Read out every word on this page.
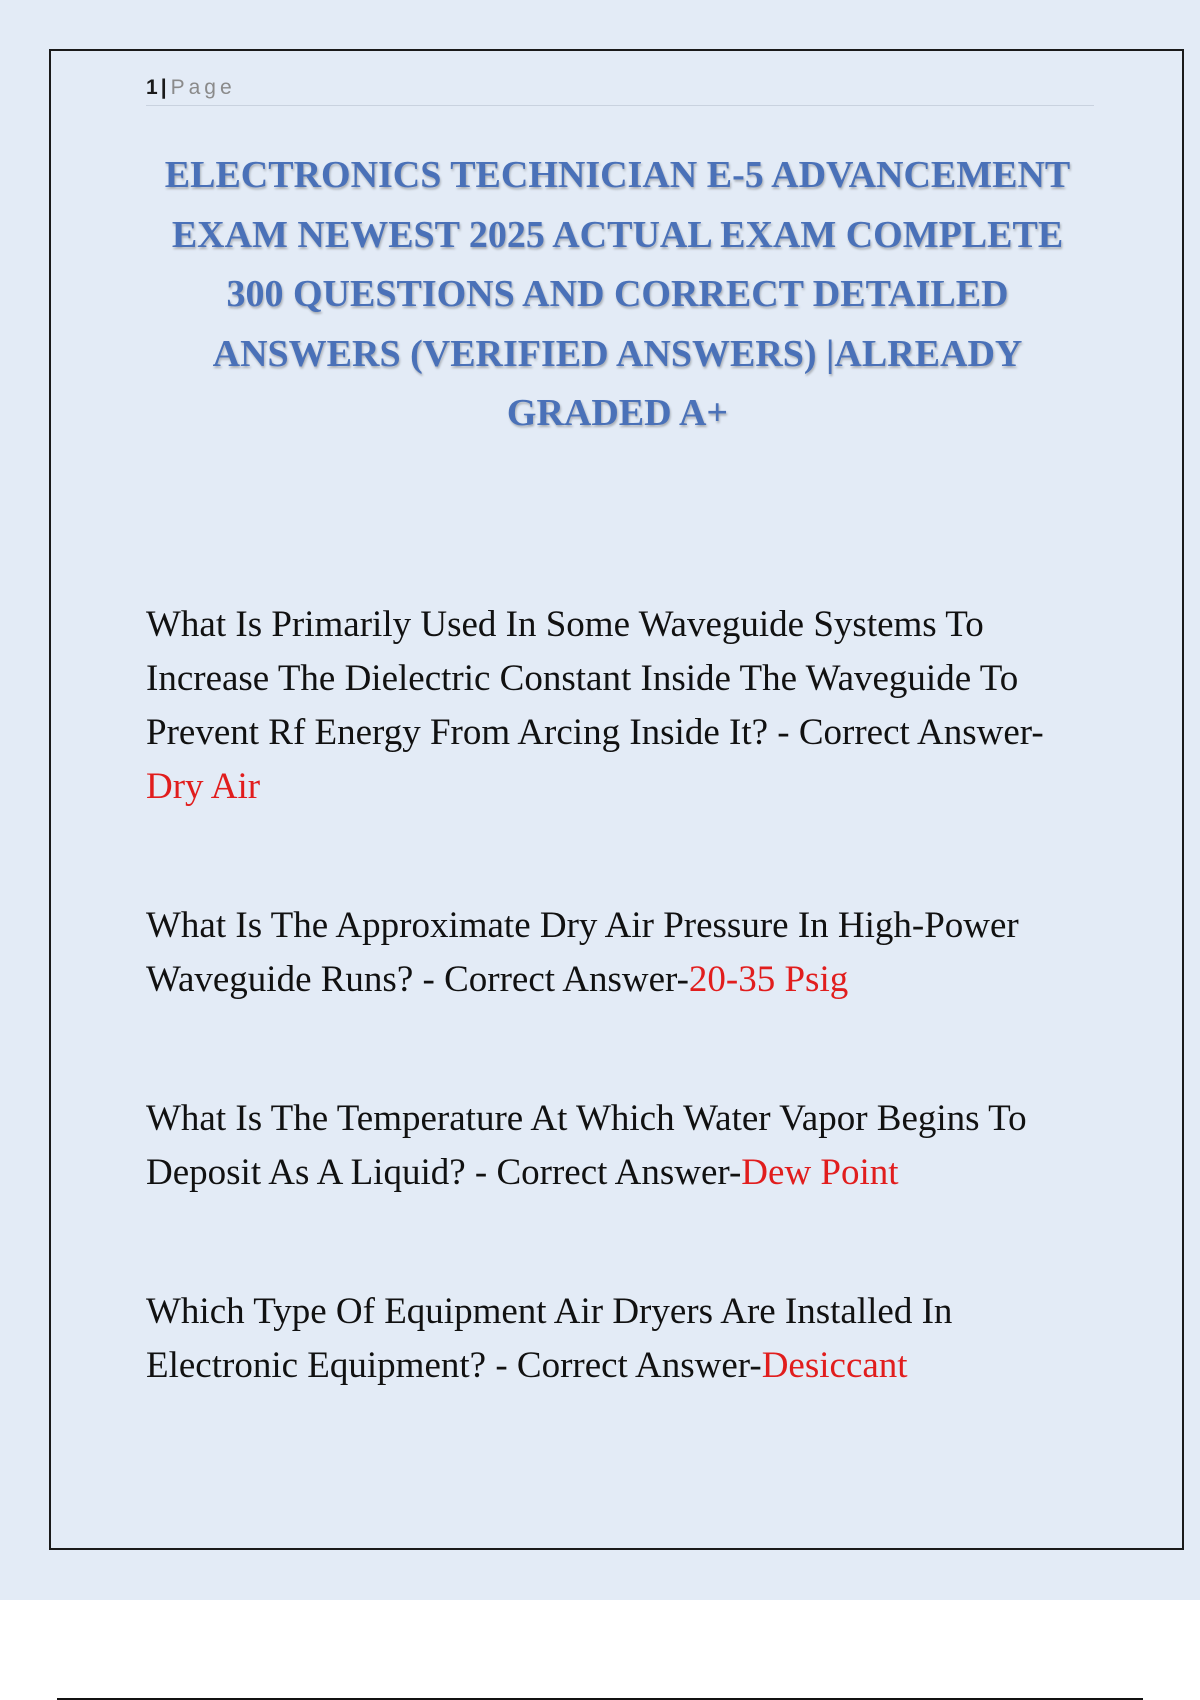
1 | Page
ELECTRONICS TECHNICIAN E-5 ADVANCEMENT EXAM NEWEST 2025 ACTUAL EXAM COMPLETE 300 QUESTIONS AND CORRECT DETAILED ANSWERS (VERIFIED ANSWERS) |ALREADY GRADED A+

What Is Primarily Used In Some Waveguide Systems To Increase The Dielectric Constant Inside The Waveguide To Prevent Rf Energy From Arcing Inside It? - Correct Answer-Dry Air

What Is The Approximate Dry Air Pressure In High-Power Waveguide Runs? - Correct Answer-20-35 Psig

What Is The Temperature At Which Water Vapor Begins To Deposit As A Liquid? - Correct Answer-Dew Point

Which Type Of Equipment Air Dryers Are Installed In Electronic Equipment? - Correct Answer-Desiccant
